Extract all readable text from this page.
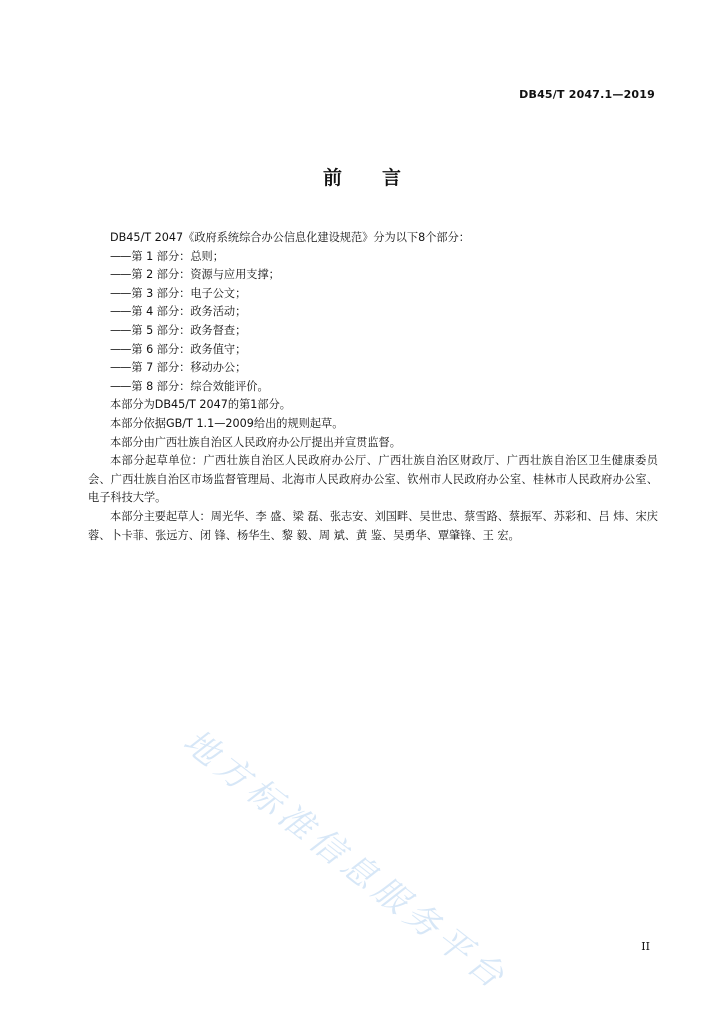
DB45/T 2047.1—2019
前 言
DB45/T 2047《政府系统综合办公信息化建设规范》分为以下8个部分：
——第 1 部分：总则；
——第 2 部分：资源与应用支撑；
——第 3 部分：电子公文；
——第 4 部分：政务活动；
——第 5 部分：政务督查；
——第 6 部分：政务值守；
——第 7 部分：移动办公；
——第 8 部分：综合效能评价。
本部分为DB45/T 2047的第1部分。
本部分依据GB/T 1.1—2009给出的规则起草。
本部分由广西壮族自治区人民政府办公厅提出并宣贯监督。
本部分起草单位：广西壮族自治区人民政府办公厅、广西壮族自治区财政厅、广西壮族自治区卫生健康委员会、广西壮族自治区市场监督管理局、北海市人民政府办公室、钦州市人民政府办公室、桂林市人民政府办公室、电子科技大学。
本部分主要起草人：周光华、李 盛、梁 磊、张志安、刘国畔、吴世忠、蔡雪路、蔡振军、苏彩和、吕 炜、宋庆蓉、卜卡菲、张远方、闭 锋、杨华生、黎 毅、周 斌、黄 鉴、吴勇华、覃肇锋、王 宏。
地方标准信息服务平台	II
